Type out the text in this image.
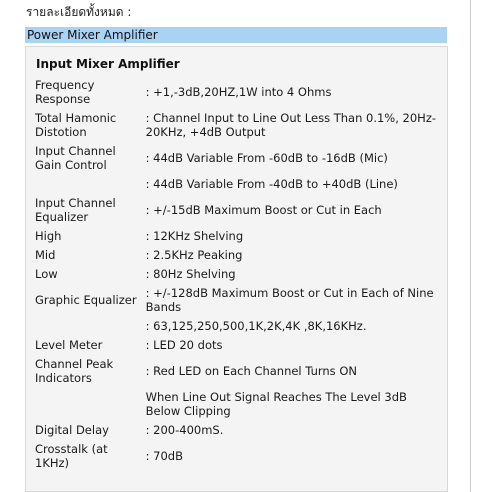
รายละเอียดทั้งหมด :
Power Mixer Amplifier
Input Mixer Amplifier
Frequency Response	: +1,-3dB,20HZ,1W into 4 Ohms
Total Hamonic Distotion	: Channel Input to Line Out Less Than 0.1%, 20Hz-20KHz, +4dB Output
Input Channel Gain Control	: 44dB Variable From -60dB to -16dB (Mic)
	: 44dB Variable From -40dB to +40dB (Line)
Input Channel Equalizer	: +/-15dB Maximum Boost or Cut in Each
High	: 12KHz Shelving
Mid	: 2.5KHz Peaking
Low	: 80Hz Shelving
Graphic Equalizer	: +/-128dB Maximum Boost or Cut in Each of Nine Bands
	: 63,125,250,500,1K,2K,4K ,8K,16KHz.
Level Meter	: LED 20 dots
Channel Peak Indicators	: Red LED on Each Channel Turns ON
	When Line Out Signal Reaches The Level 3dB Below Clipping
Digital Delay	: 200-400mS.
Crosstalk (at 1KHz)	: 70dB
